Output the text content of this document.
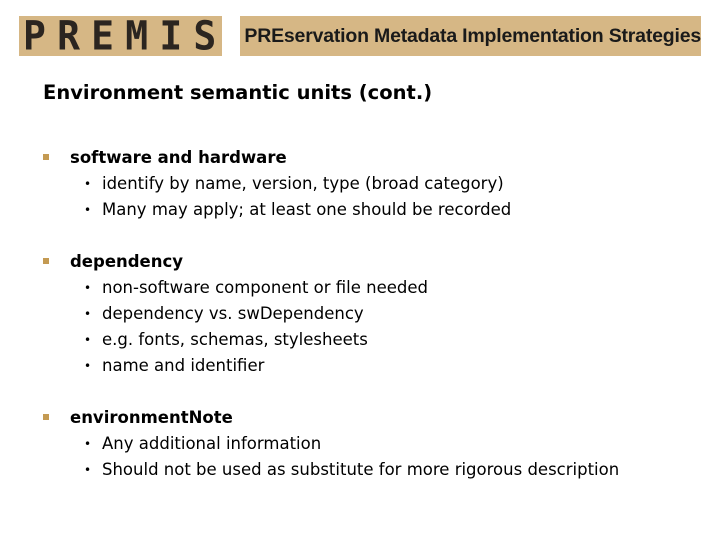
P R E M I S PREservation Metadata Implementation Strategies
Environment semantic units (cont.)
software and hardware
• identify by name, version, type (broad category)
• Many may apply; at least one should be recorded
dependency
• non-software component or file needed
• dependency vs. swDependency
• e.g. fonts, schemas, stylesheets
• name and identifier
environmentNote
• Any additional information
• Should not be used as substitute for more rigorous description
